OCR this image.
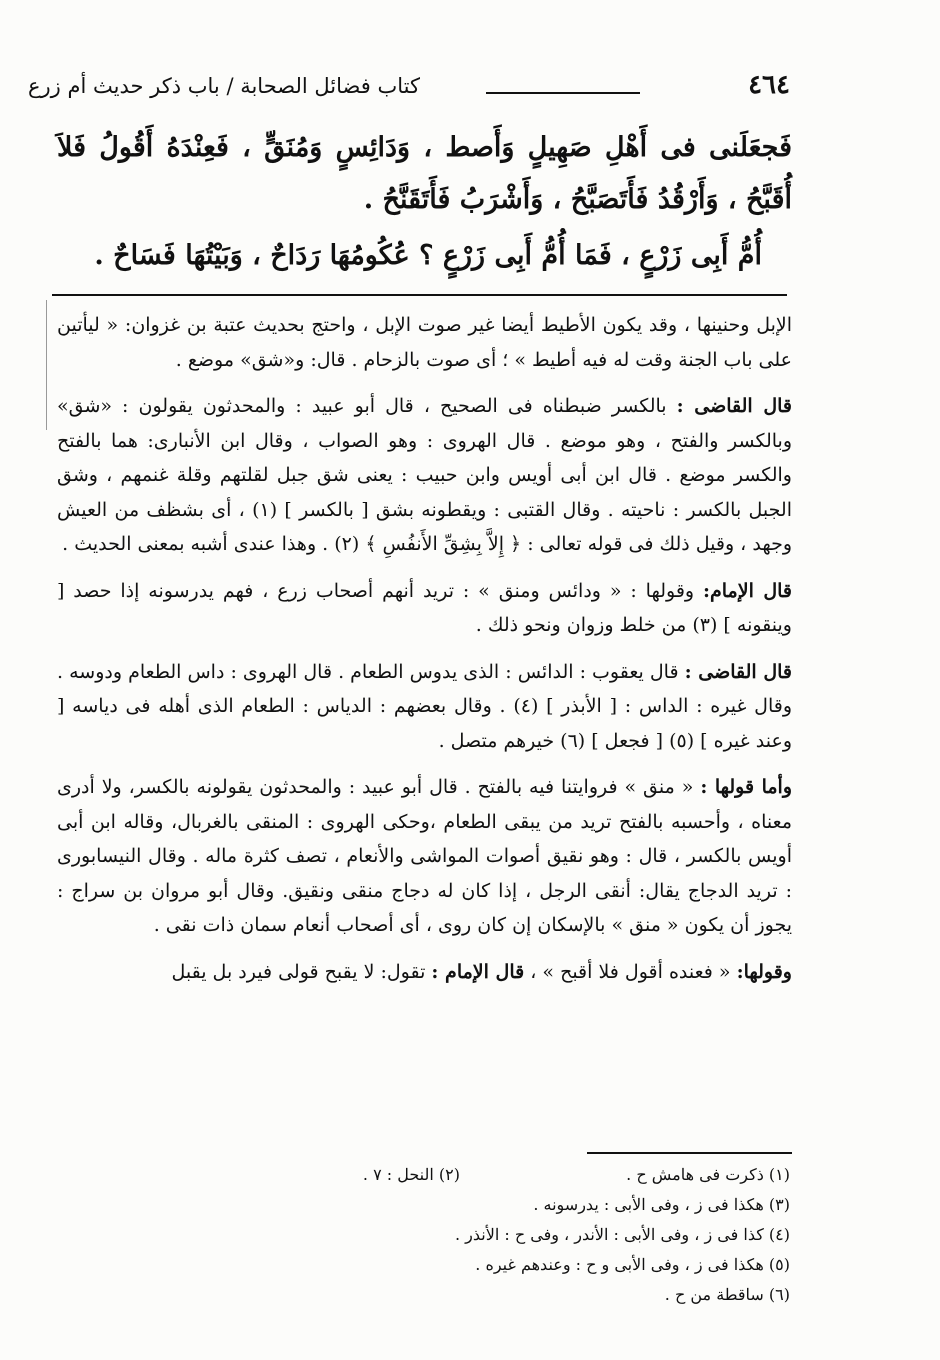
٤٦٤
كتاب فضائل الصحابة / باب ذكر حديث أم زرع

فَجعَلَنى فى أَهْلِ صَهِيلٍ وَأَصط ، وَدَائِسٍ وَمُنَقٍّ ، فَعِنْدَهُ أَقُولُ فَلاَ أُقَبَّحُ ، وَأَرْقُدُ فَأَتَصَبَّحُ ، وَأَشْرَبُ فَأَتَقَنَّحُ .

أُمُّ أَبِى زَرْعٍ ، فَمَا أُمُّ أَبِى زَرْعٍ ؟ عُكُومُهَا رَدَاحٌ ، وَبَيْتُهَا فَسَاحٌ .

الإبل وحنينها ، وقد يكون الأطيط أيضا غير صوت الإبل ، واحتج بحديث عتبة بن غزوان: « ليأتين على باب الجنة وقت له فيه أطيط » ؛ أى صوت بالزحام . قال: و«شق» موضع .

قال القاضى : بالكسر ضبطناه فى الصحيح ، قال أبو عبيد : والمحدثون يقولون : «شق» وبالكسر والفتح ، وهو موضع . قال الهروى : وهو الصواب ، وقال ابن الأنبارى: هما بالفتح والكسر موضع . قال ابن أبى أويس وابن حبيب : يعنى شق جبل لقلتهم وقلة غنمهم ، وشق الجبل بالكسر : ناحيته . وقال القتبى : ويقطونه بشق [ بالكسر ] (١) ، أى بشظف من العيش وجهد ، وقيل ذلك فى قوله تعالى : ﴿ إِلاَّ بِشِقِّ الأَنفُسِ ﴾ (٢) . وهذا عندى أشبه بمعنى الحديث .

قال الإمام: وقولها : « ودائس ومنق » : تريد أنهم أصحاب زرع ، فهم يدرسونه إذا حصد [ وينقونه ] (٣) من خلط وزوان ونحو ذلك .

قال القاضى : قال يعقوب : الدائس : الذى يدوس الطعام . قال الهروى : داس الطعام ودوسه . وقال غيره : الداس : [ الأبذر ] (٤) . وقال بعضهم : الدياس : الطعام الذى أهله فى دياسه [ وعند غيره ] (٥) [ فجعل ] (٦) خيرهم متصل .

وأما قولها : « منق » فروايتنا فيه بالفتح . قال أبو عبيد : والمحدثون يقولونه بالكسر، ولا أدرى معناه ، وأحسبه بالفتح تريد من يبقى الطعام ،وحكى الهروى : المنقى بالغربال، وقاله ابن أبى أويس بالكسر ، قال : وهو نقيق أصوات المواشى والأنعام ، تصف كثرة ماله . وقال النيسابورى : تريد الدجاج يقال: أنقى الرجل ، إذا كان له دجاج منقى ونقيق. وقال أبو مروان بن سراج : يجوز أن يكون « منق » بالإسكان إن كان روى ، أى أصحاب أنعام سمان ذات نقى .

وقولها: « فعنده أقول فلا أقبح » ، قال الإمام : تقول: لا يقبح قولى فيرد بل يقبل

(١) ذكرت فى هامش ح .
(٢) النحل : ٧ .
(٣) هكذا فى ز ، وفى الأبى : يدرسونه .
(٤) كذا فى ز ، وفى الأبى : الأندر ، وفى ح : الأنذر .
(٥) هكذا فى ز ، وفى الأبى و ح : وعندهم غيره .
(٦) ساقطة من ح .
